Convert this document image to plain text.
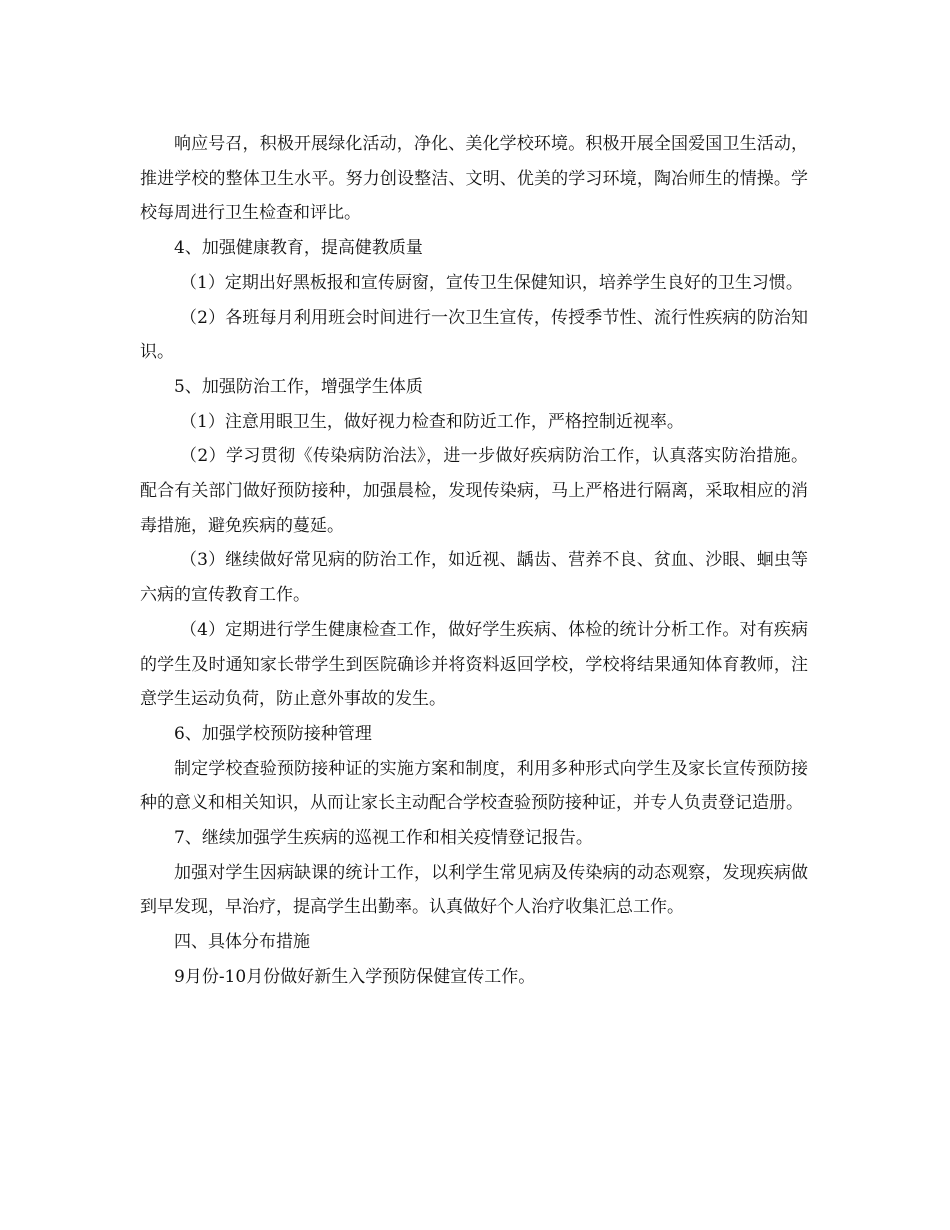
响应号召，积极开展绿化活动，净化、美化学校环境。积极开展全国爱国卫生活动，推进学校的整体卫生水平。努力创设整洁、文明、优美的学习环境，陶冶师生的情操。学校每周进行卫生检查和评比。

4、加强健康教育，提高健教质量

（1）定期出好黑板报和宣传厨窗，宣传卫生保健知识，培养学生良好的卫生习惯。

（2）各班每月利用班会时间进行一次卫生宣传，传授季节性、流行性疾病的防治知识。

5、加强防治工作，增强学生体质

（1）注意用眼卫生，做好视力检查和防近工作，严格控制近视率。

（2）学习贯彻《传染病防治法》，进一步做好疾病防治工作，认真落实防治措施。配合有关部门做好预防接种，加强晨检，发现传染病，马上严格进行隔离，采取相应的消毒措施，避免疾病的蔓延。

（3）继续做好常见病的防治工作，如近视、龋齿、营养不良、贫血、沙眼、蛔虫等六病的宣传教育工作。

（4）定期进行学生健康检查工作，做好学生疾病、体检的统计分析工作。对有疾病的学生及时通知家长带学生到医院确诊并将资料返回学校，学校将结果通知体育教师，注意学生运动负荷，防止意外事故的发生。

6、加强学校预防接种管理

制定学校查验预防接种证的实施方案和制度，利用多种形式向学生及家长宣传预防接种的意义和相关知识，从而让家长主动配合学校查验预防接种证，并专人负责登记造册。

7、继续加强学生疾病的巡视工作和相关疫情登记报告。

加强对学生因病缺课的统计工作，以利学生常见病及传染病的动态观察，发现疾病做到早发现，早治疗，提高学生出勤率。认真做好个人治疗收集汇总工作。

四、具体分布措施

9月份-10月份做好新生入学预防保健宣传工作。
